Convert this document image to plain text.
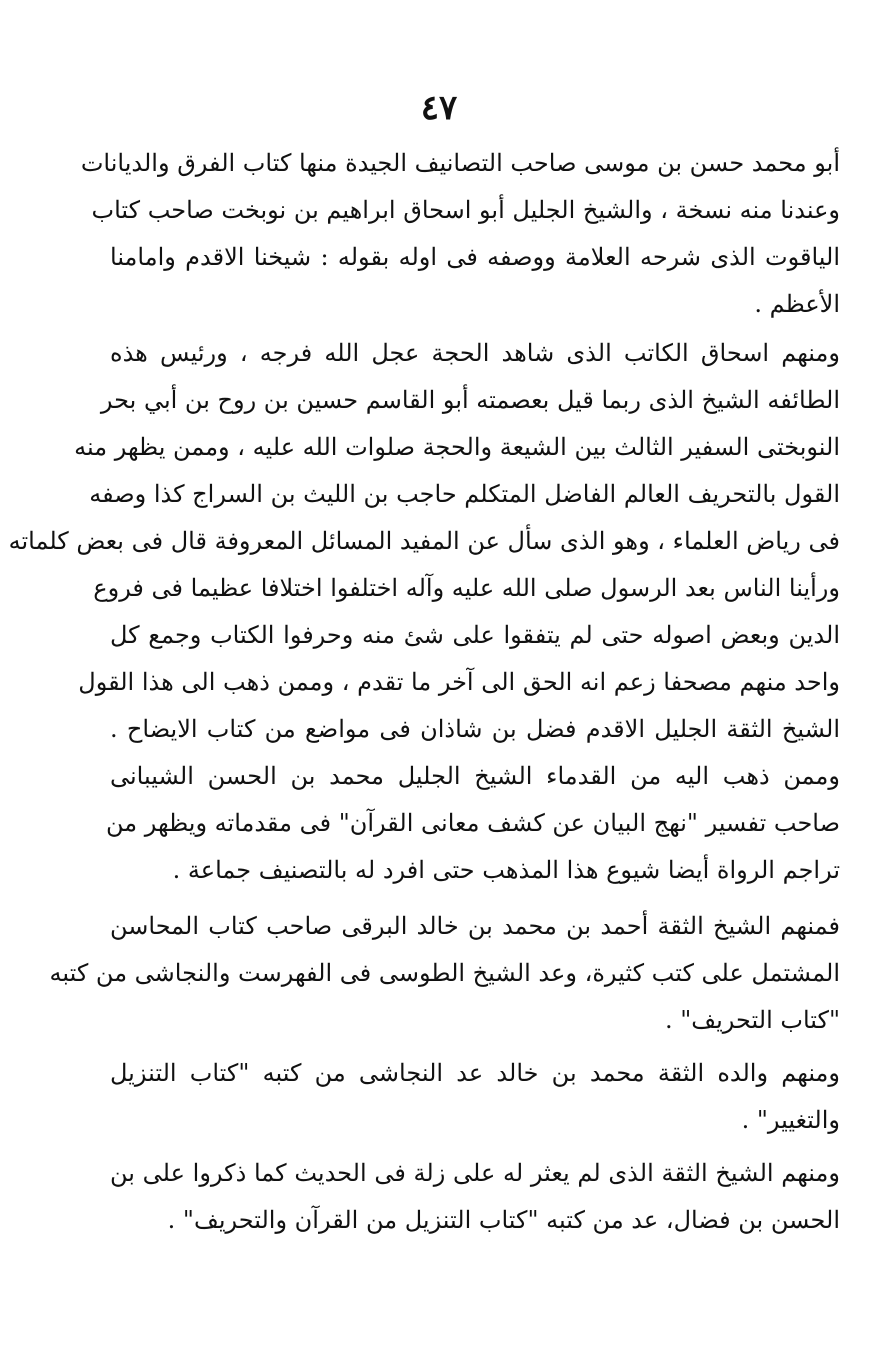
٤٧
أبو محمد حسن بن موسى صاحب التصانيف الجيدة منها كتاب الفرق والديانات
وعندنا منه نسخة ، والشيخ الجليل أبو اسحاق ابراهيم بن نوبخت صاحب كتاب
الياقوت الذى شرحه العلامة ووصفه فى اوله بقوله : شيخنا الاقدم وامامنا
الأعظم .
ومنهم اسحاق الكاتب الذى شاهد الحجة عجل الله فرجه ، ورئيس هذه
الطائفه الشيخ الذى ربما قيل بعصمته أبو القاسم حسين بن روح بن أبي بحر
النوبختى السفير الثالث بين الشيعة والحجة صلوات الله عليه ، وممن يظهر منه
القول بالتحريف العالم الفاضل المتكلم حاجب بن الليث بن السراج كذا وصفه
فى رياض العلماء ، وهو الذى سأل عن المفيد المسائل المعروفة قال فى بعض كلماته
ورأينا الناس بعد الرسول صلى الله عليه وآله اختلفوا اختلافا عظيما فى فروع
الدين وبعض اصوله حتى لم يتفقوا على شئ منه وحرفوا الكتاب وجمع كل
واحد منهم مصحفا زعم انه الحق الى آخر ما تقدم ، وممن ذهب الى هذا القول
الشيخ الثقة الجليل الاقدم فضل بن شاذان فى مواضع من كتاب الايضاح .
وممن ذهب اليه من القدماء الشيخ الجليل محمد بن الحسن الشيبانى
صاحب تفسير "نهج البيان عن كشف معانى القرآن" فى مقدماته ويظهر من
تراجم الرواة أيضا شيوع هذا المذهب حتى افرد له بالتصنيف جماعة .
فمنهم الشيخ الثقة أحمد بن محمد بن خالد البرقى صاحب كتاب المحاسن
المشتمل على كتب كثيرة، وعد الشيخ الطوسى فى الفهرست والنجاشى من كتبه
"كتاب التحريف" .
ومنهم والده الثقة محمد بن خالد عد النجاشى من كتبه "كتاب التنزيل
والتغيير" .
ومنهم الشيخ الثقة الذى لم يعثر له على زلة فى الحديث كما ذكروا على بن
الحسن بن فضال، عد من كتبه "كتاب التنزيل من القرآن والتحريف" .
